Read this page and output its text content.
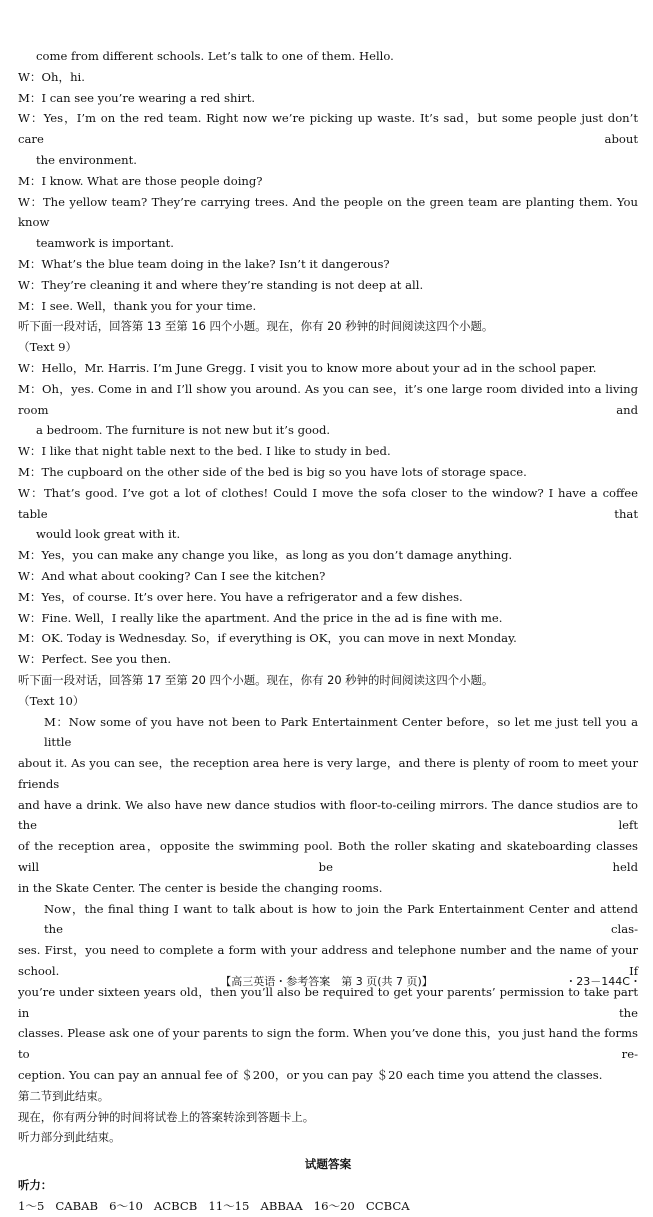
come from different schools. Let’s talk to one of them. Hello.
W：Oh，hi.
M：I can see you’re wearing a red shirt.
W：Yes，I’m on the red team. Right now we’re picking up waste. It’s sad，but some people just don’t care about
the environment.
M：I know. What are those people doing?
W：The yellow team? They’re carrying trees. And the people on the green team are planting them. You know
teamwork is important.
M：What’s the blue team doing in the lake? Isn’t it dangerous?
W：They’re cleaning it and where they’re standing is not deep at all.
M：I see. Well，thank you for your time.
听下面一段对话，回答第 13 至第 16 四个小题。现在，你有 20 秒钟的时间阅读这四个小题。
（Text 9）
W：Hello，Mr. Harris. I’m June Gregg. I visit you to know more about your ad in the school paper.
M：Oh，yes. Come in and I’ll show you around. As you can see，it’s one large room divided into a living room and
a bedroom. The furniture is not new but it’s good.
W：I like that night table next to the bed. I like to study in bed.
M：The cupboard on the other side of the bed is big so you have lots of storage space.
W：That’s good. I’ve got a lot of clothes! Could I move the sofa closer to the window? I have a coffee table that
would look great with it.
M：Yes，you can make any change you like，as long as you don’t damage anything.
W：And what about cooking? Can I see the kitchen?
M：Yes，of course. It’s over here. You have a refrigerator and a few dishes.
W：Fine. Well，I really like the apartment. And the price in the ad is fine with me.
M：OK. Today is Wednesday. So，if everything is OK，you can move in next Monday.
W：Perfect. See you then.
听下面一段对话，回答第 17 至第 20 四个小题。现在，你有 20 秒钟的时间阅读这四个小题。
（Text 10）
M：Now some of you have not been to Park Entertainment Center before，so let me just tell you a little
about it. As you can see，the reception area here is very large，and there is plenty of room to meet your friends
and have a drink. We also have new dance studios with floor-to-ceiling mirrors. The dance studios are to the left
of the reception area，opposite the swimming pool. Both the roller skating and skateboarding classes will be held
in the Skate Center. The center is beside the changing rooms.
Now，the final thing I want to talk about is how to join the Park Entertainment Center and attend the clas-
ses. First，you need to complete a form with your address and telephone number and the name of your school. If
you’re under sixteen years old，then you’ll also be required to get your parents’ permission to take part in the
classes. Please ask one of your parents to sign the form. When you’ve done this，you just hand the forms to re-
ception. You can pay an annual fee of ＄200，or you can pay ＄20 each time you attend the classes.
第二节到此结束。
现在，你有两分钟的时间将试卷上的答案转涂到答题卡上。
听力部分到此结束。
试题答案
听力：
1～5   CABAB   6～10   ACBCB   11～15   ABBAA   16～20   CCBCA
【高三英语・参考答案　第 3 页(共 7 页)】	・23－144C・
